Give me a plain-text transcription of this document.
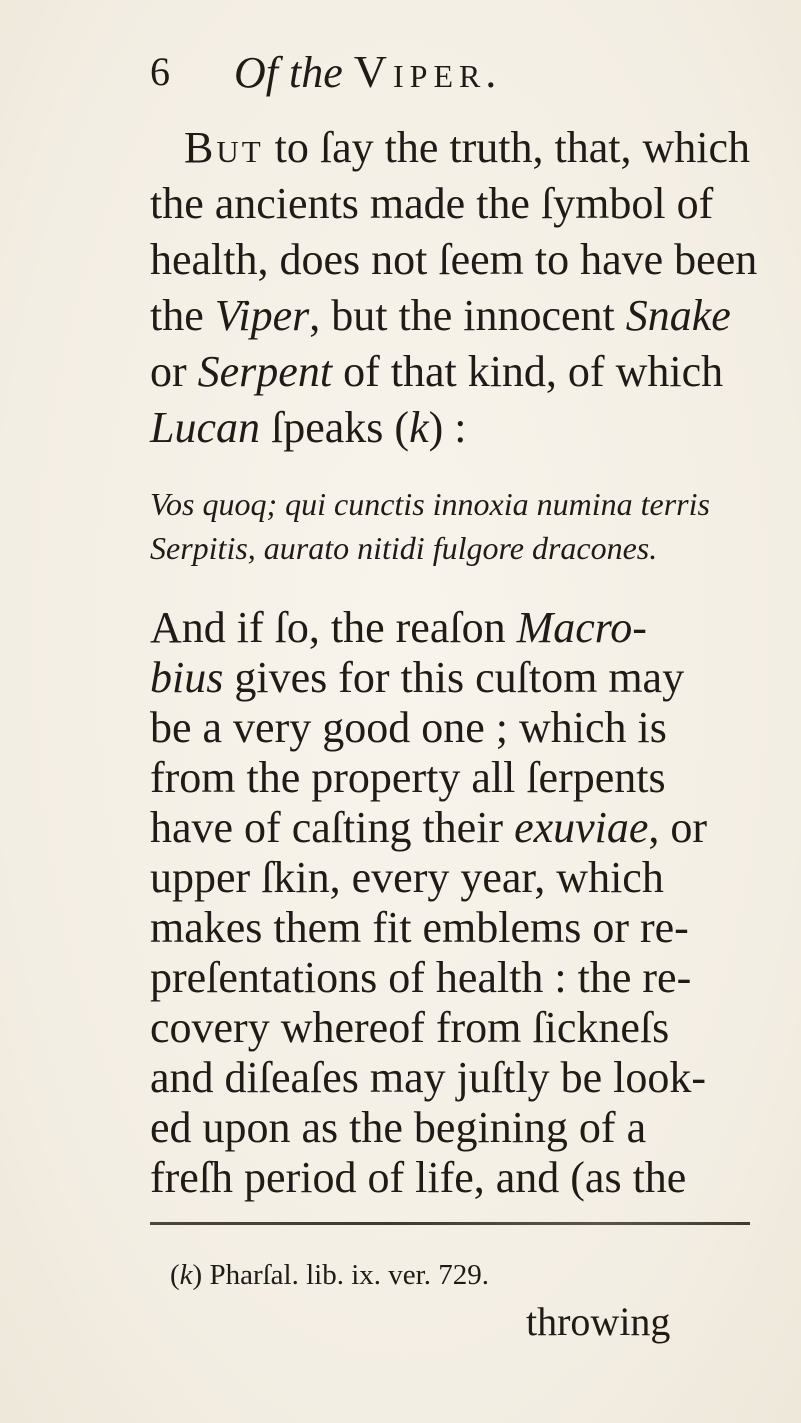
6 Of the Viper.
But to ſay the truth, that, which
the ancients made the ſymbol of
health, does not ſeem to have been
the Viper, but the innocent Snake
or Serpent of that kind, of which
Lucan ſpeaks (k) :
Vos quoq; qui cunctis innoxia numina terris
Serpitis, aurato nitidi fulgore dracones.
And if ſo, the reaſon Macro-
bius gives for this cuſtom may
be a very good one ; which is
from the property all ſerpents
have of caſting their exuviae, or
upper ſkin, every year, which
makes them fit emblems or re-
preſentations of health : the re-
covery whereof from ſickneſs
and diſeaſes may juſtly be look-
ed upon as the begining of a
freſh period of life, and (as the
(k) Pharſal. lib. ix. ver. 729.
throwing
